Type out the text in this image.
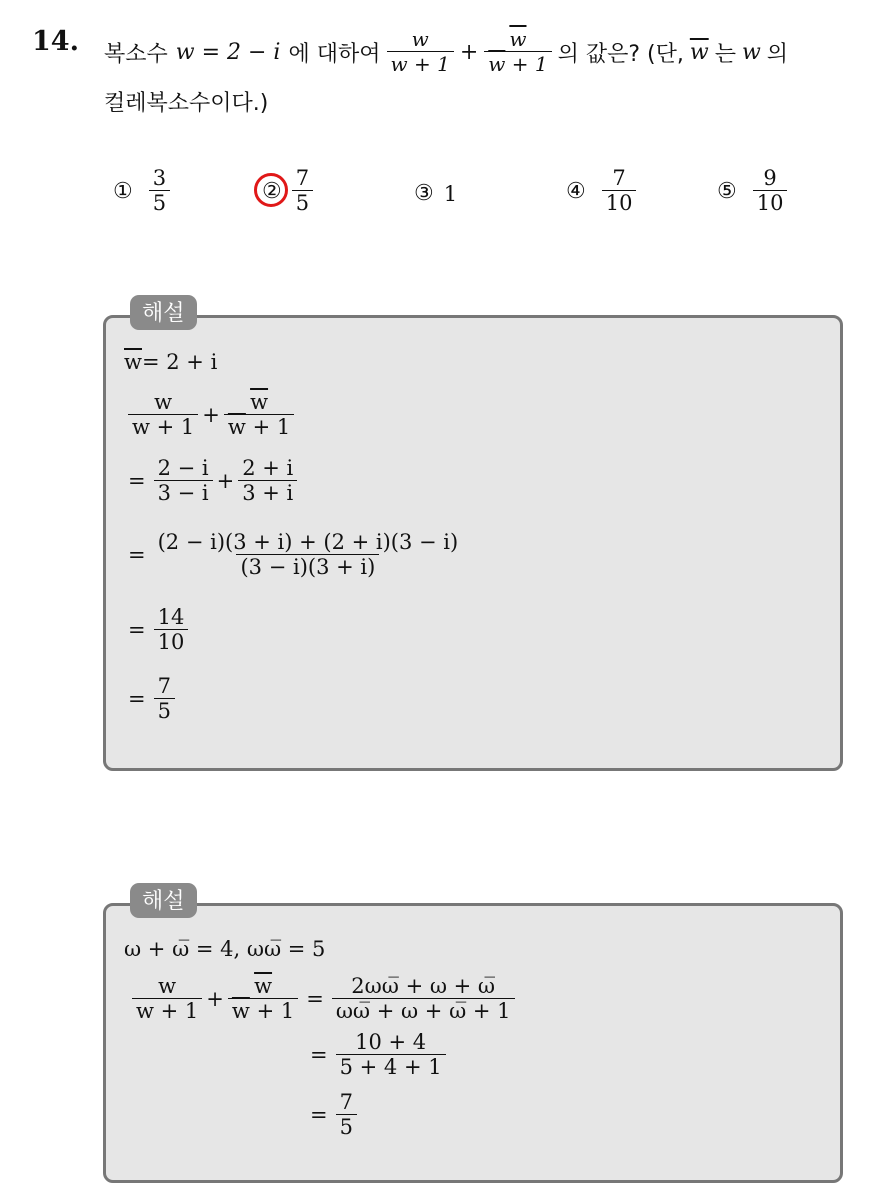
14. 복소수 w = 2 − i 에 대하여 $\frac{w}{w + 1} + \frac{\overline{w}}{\overline{w} + 1}$ 의 값은? (단, $\overline{w}$ 는 w 의
컬레복소수이다.)
① $\frac{3}{5}$	② $\frac{7}{5}$	③ 1	④ $\frac{7}{10}$	⑤ $\frac{9}{10}$
해설
$\overline{w} = 2 + i$
$\frac{w}{w + 1} + \frac{\overline{w}}{\overline{w} + 1}$
= $\frac{2 - i}{3 - i} + \frac{2 + i}{3 + i}$
= $\frac{(2 - i)(3 + i) + (2 + i)(3 - i)}{(3 - i)(3 + i)}$
= $\frac{14}{10}$
= $\frac{7}{5}$
해설
ω + ω̅ = 4, ωω̅ = 5
$\frac{w}{w + 1} + \frac{\overline{w}}{\overline{w} + 1} = \frac{2\omega\omega̅ + \omega + \omega̅}{\omega\omega̅ + \omega + \omega̅ + 1}$
= $\frac{10 + 4}{5 + 4 + 1}$
= $\frac{7}{5}$
